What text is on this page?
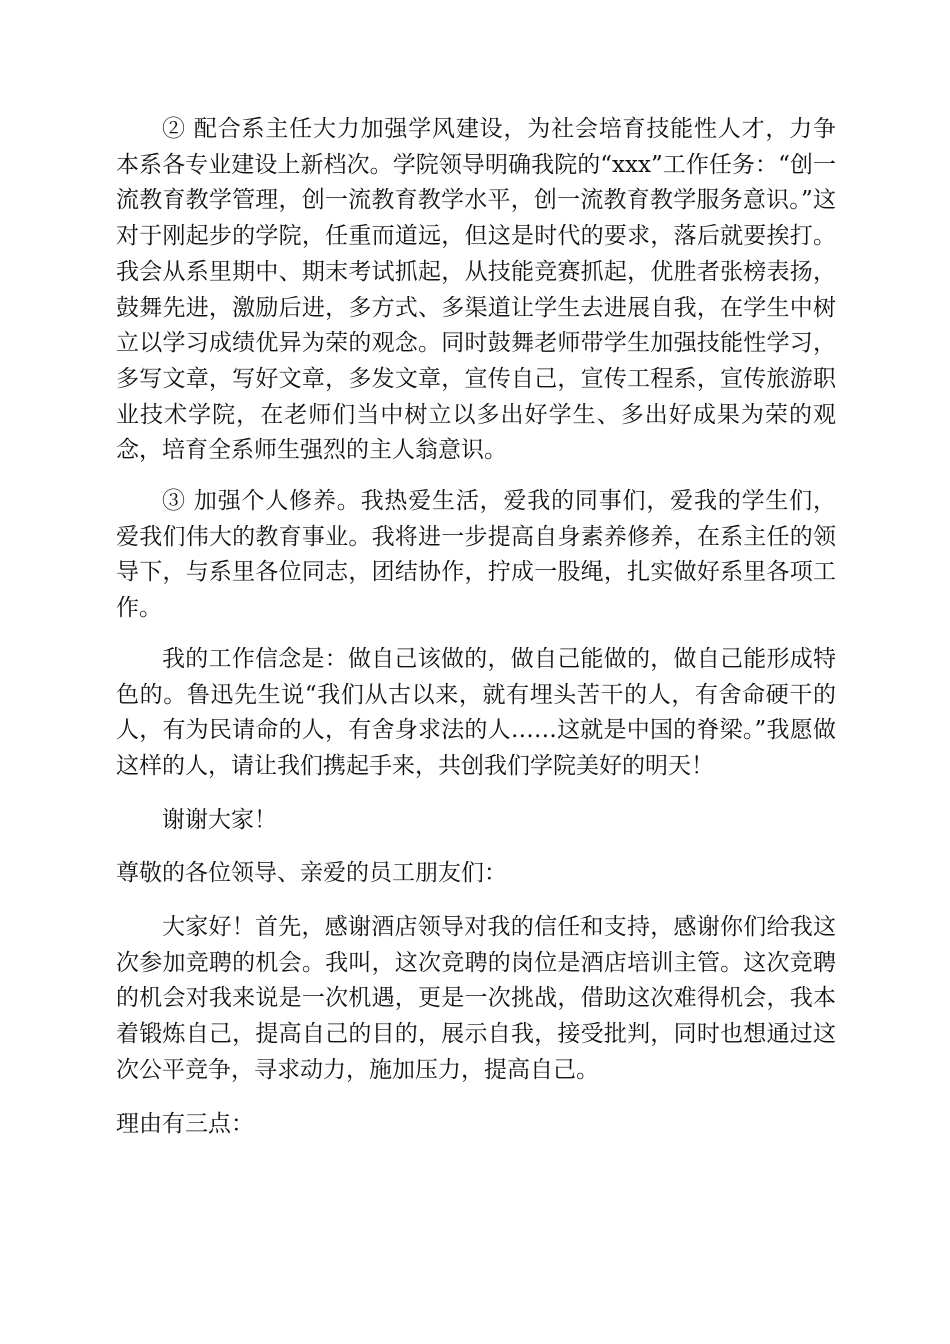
② 配合系主任大力加强学风建设，为社会培育技能性人才，力争本系各专业建设上新档次。学院领导明确我院的“xxx”工作任务：“创一流教育教学管理，创一流教育教学水平，创一流教育教学服务意识。”这对于刚起步的学院，任重而道远，但这是时代的要求，落后就要挨打。我会从系里期中、期末考试抓起，从技能竞赛抓起，优胜者张榜表扬，鼓舞先进，激励后进，多方式、多渠道让学生去进展自我，在学生中树立以学习成绩优异为荣的观念。同时鼓舞老师带学生加强技能性学习，多写文章，写好文章，多发文章，宣传自己，宣传工程系，宣传旅游职业技术学院，在老师们当中树立以多出好学生、多出好成果为荣的观念，培育全系师生强烈的主人翁意识。

③ 加强个人修养。我热爱生活，爱我的同事们，爱我的学生们，爱我们伟大的教育事业。我将进一步提高自身素养修养，在系主任的领导下，与系里各位同志，团结协作，拧成一股绳，扎实做好系里各项工作。

我的工作信念是：做自己该做的，做自己能做的，做自己能形成特色的。鲁迅先生说“我们从古以来，就有埋头苦干的人，有舍命硬干的人，有为民请命的人，有舍身求法的人……这就是中国的脊梁。”我愿做这样的人，请让我们携起手来，共创我们学院美好的明天！

谢谢大家！

尊敬的各位领导、亲爱的员工朋友们：

大家好！首先，感谢酒店领导对我的信任和支持，感谢你们给我这次参加竞聘的机会。我叫，这次竞聘的岗位是酒店培训主管。这次竞聘的机会对我来说是一次机遇，更是一次挑战，借助这次难得机会，我本着锻炼自己，提高自己的目的，展示自我，接受批判，同时也想通过这次公平竞争，寻求动力，施加压力，提高自己。

理由有三点：
